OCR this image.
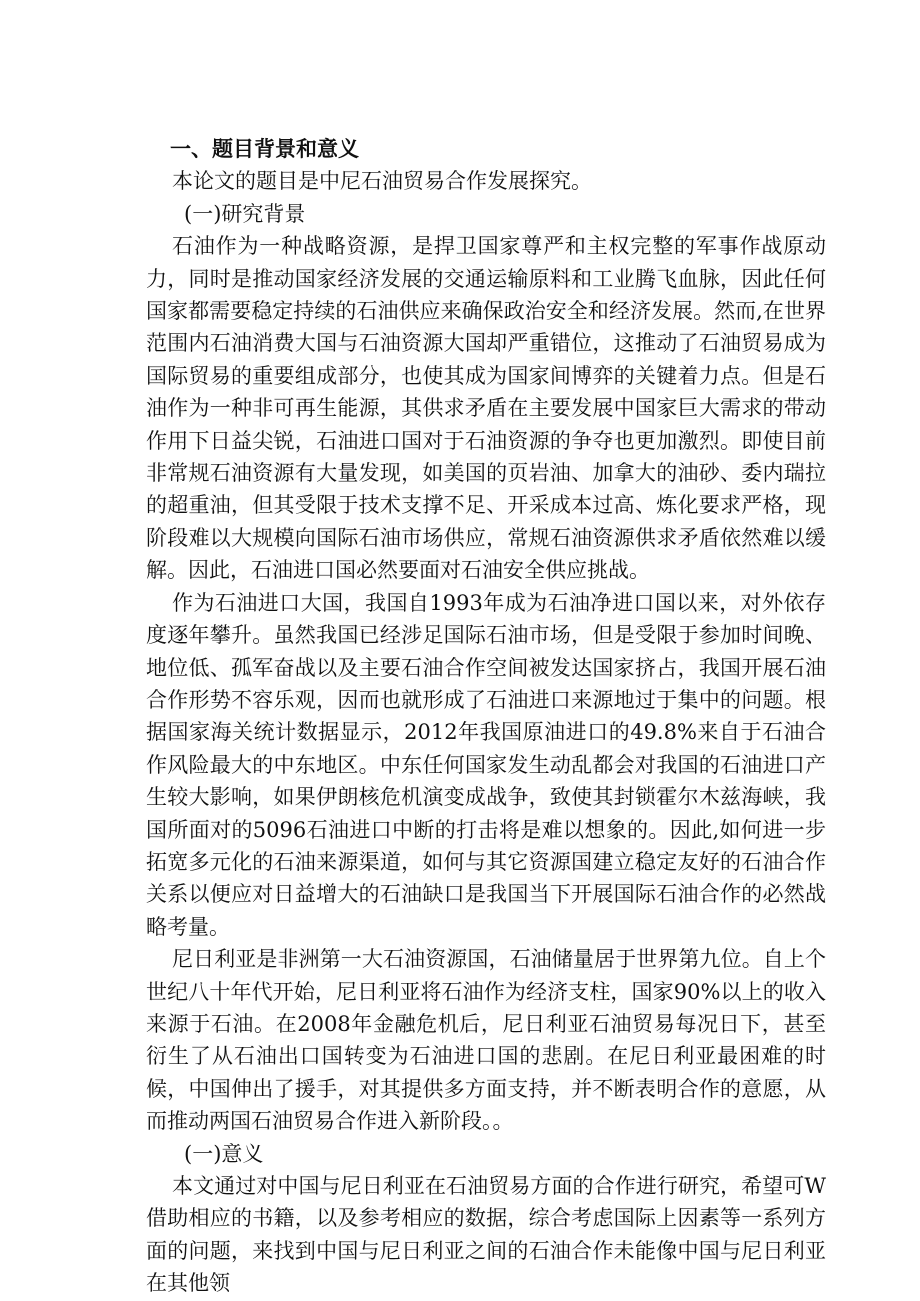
一、题目背景和意义

本论文的题目是中尼石油贸易合作发展探究。

(一)研究背景

石油作为一种战略资源，是捍卫国家尊严和主权完整的军事作战原动力，同时是推动国家经济发展的交通运输原料和工业腾飞血脉，因此任何国家都需要稳定持续的石油供应来确保政治安全和经济发展。然而,在世界范围内石油消费大国与石油资源大国却严重错位，这推动了石油贸易成为国际贸易的重要组成部分，也使其成为国家间博弈的关键着力点。但是石油作为一种非可再生能源，其供求矛盾在主要发展中国家巨大需求的带动作用下日益尖锐，石油进口国对于石油资源的争夺也更加激烈。即使目前非常规石油资源有大量发现，如美国的页岩油、加拿大的油砂、委内瑞拉的超重油，但其受限于技术支撑不足、开采成本过高、炼化要求严格，现阶段难以大规模向国际石油市场供应，常规石油资源供求矛盾依然难以缓解。因此，石油进口国必然要面对石油安全供应挑战。

作为石油进口大国，我国自1993年成为石油净进口国以来，对外依存度逐年攀升。虽然我国已经涉足国际石油市场，但是受限于参加时间晚、地位低、孤军奋战以及主要石油合作空间被发达国家挤占，我国开展石油合作形势不容乐观，因而也就形成了石油进口来源地过于集中的问题。根据国家海关统计数据显示，2012年我国原油进口的49.8%来自于石油合作风险最大的中东地区。中东任何国家发生动乱都会对我国的石油进口产生较大影响，如果伊朗核危机演变成战争，致使其封锁霍尔木兹海峡，我国所面对的5096石油进口中断的打击将是难以想象的。因此,如何进一步拓宽多元化的石油来源渠道，如何与其它资源国建立稳定友好的石油合作关系以便应对日益增大的石油缺口是我国当下开展国际石油合作的必然战略考量。

尼日利亚是非洲第一大石油资源国，石油储量居于世界第九位。自上个世纪八十年代开始，尼日利亚将石油作为经济支柱，国家90%以上的收入来源于石油。在2008年金融危机后，尼日利亚石油贸易每况日下，甚至衍生了从石油出口国转变为石油进口国的悲剧。在尼日利亚最困难的时候，中国伸出了援手，对其提供多方面支持，并不断表明合作的意愿，从而推动两国石油贸易合作进入新阶段。。

(一)意义

本文通过对中国与尼日利亚在石油贸易方面的合作进行研究，希望可W借助相应的书籍，以及参考相应的数据，综合考虑国际上因素等一系列方面的问题，来找到中国与尼日利亚之间的石油合作未能像中国与尼日利亚在其他领
